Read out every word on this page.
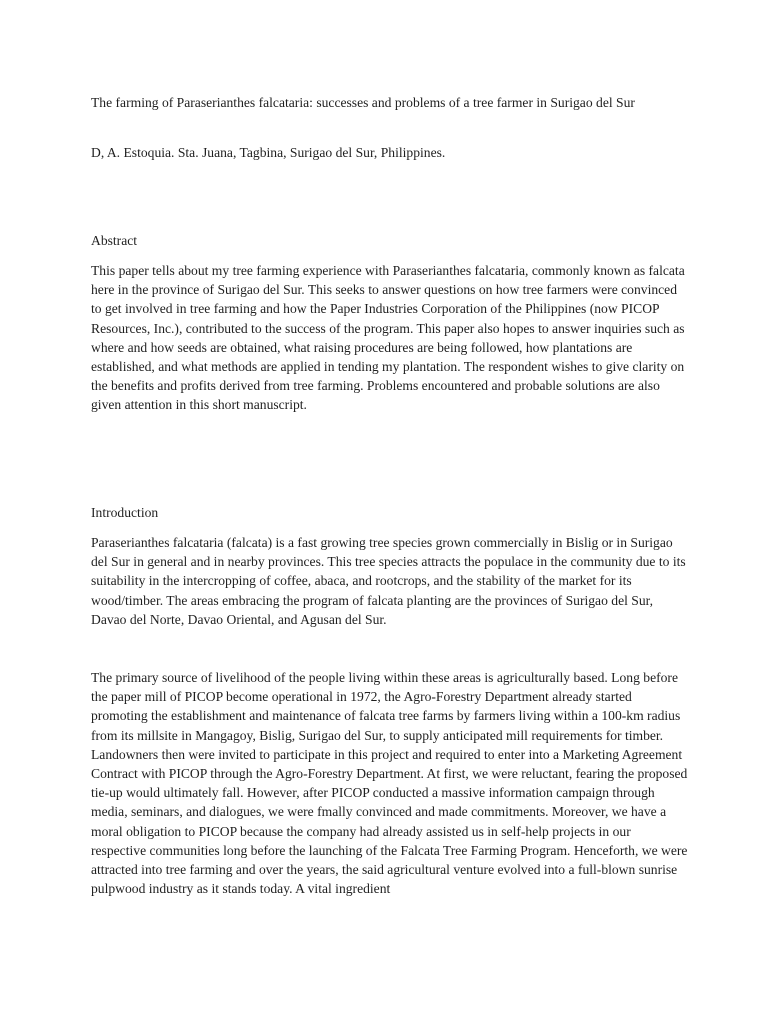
The farming of Paraserianthes falcataria: successes and problems of a tree farmer in Surigao del Sur

D, A. Estoquia. Sta. Juana, Tagbina, Surigao del Sur, Philippines.

Abstract

This paper tells about my tree farming experience with Paraserianthes falcataria, commonly known as falcata here in the province of Surigao del Sur. This seeks to answer questions on how tree farmers were convinced to get involved in tree farming and how the Paper Industries Corporation of the Philippines (now PICOP Resources, Inc.), contributed to the success of the program. This paper also hopes to answer inquiries such as where and how seeds are obtained, what raising procedures are being followed, how plantations are established, and what methods are applied in tending my plantation. The respondent wishes to give clarity on the benefits and profits derived from tree farming. Problems encountered and probable solutions are also given attention in this short manuscript.

Introduction

Paraserianthes falcataria (falcata) is a fast growing tree species grown commercially in Bislig or in Surigao del Sur in general and in nearby provinces. This tree species attracts the populace in the community due to its suitability in the intercropping of coffee, abaca, and rootcrops, and the stability of the market for its wood/timber. The areas embracing the program of falcata planting are the provinces of Surigao del Sur, Davao del Norte, Davao Oriental, and Agusan del Sur.

The primary source of livelihood of the people living within these areas is agriculturally based. Long before the paper mill of PICOP become operational in 1972, the Agro-Forestry Department already started promoting the establishment and maintenance of falcata tree farms by farmers living within a 100-km radius from its millsite in Mangagoy, Bislig, Surigao del Sur, to supply anticipated mill requirements for timber. Landowners then were invited to participate in this project and required to enter into a Marketing Agreement Contract with PICOP through the Agro-Forestry Department. At first, we were reluctant, fearing the proposed tie-up would ultimately fall. However, after PICOP conducted a massive information campaign through media, seminars, and dialogues, we were fmally convinced and made commitments. Moreover, we have a moral obligation to PICOP because the company had already assisted us in self-help projects in our respective communities long before the launching of the Falcata Tree Farming Program. Henceforth, we were attracted into tree farming and over the years, the said agricultural venture evolved into a full-blown sunrise pulpwood industry as it stands today. A vital ingredient
